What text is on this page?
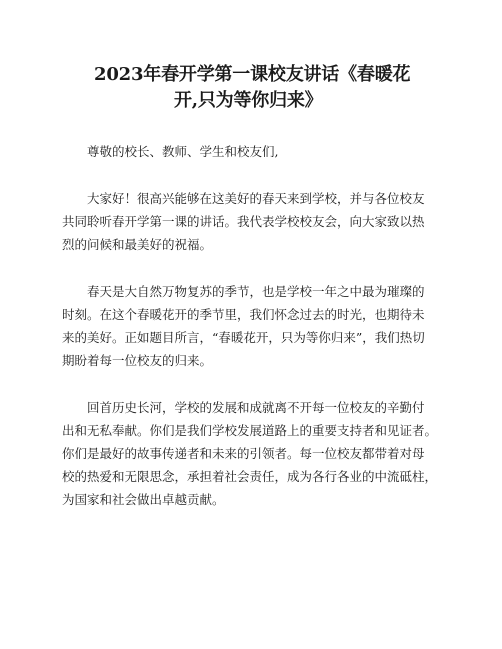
2023年春开学第一课校友讲话《春暖花
开,只为等你归来》

尊敬的校长、教师、学生和校友们,

大家好！很高兴能够在这美好的春天来到学校，并与各位校友
共同聆听春开学第一课的讲话。我代表学校校友会，向大家致以热
烈的问候和最美好的祝福。

春天是大自然万物复苏的季节，也是学校一年之中最为璀璨的
时刻。在这个春暖花开的季节里，我们怀念过去的时光，也期待未
来的美好。正如题目所言，“春暖花开，只为等你归来”，我们热切
期盼着每一位校友的归来。

回首历史长河，学校的发展和成就离不开每一位校友的辛勤付
出和无私奉献。你们是我们学校发展道路上的重要支持者和见证者。
你们是最好的故事传递者和未来的引领者。每一位校友都带着对母
校的热爱和无限思念，承担着社会责任，成为各行各业的中流砥柱，
为国家和社会做出卓越贡献。
